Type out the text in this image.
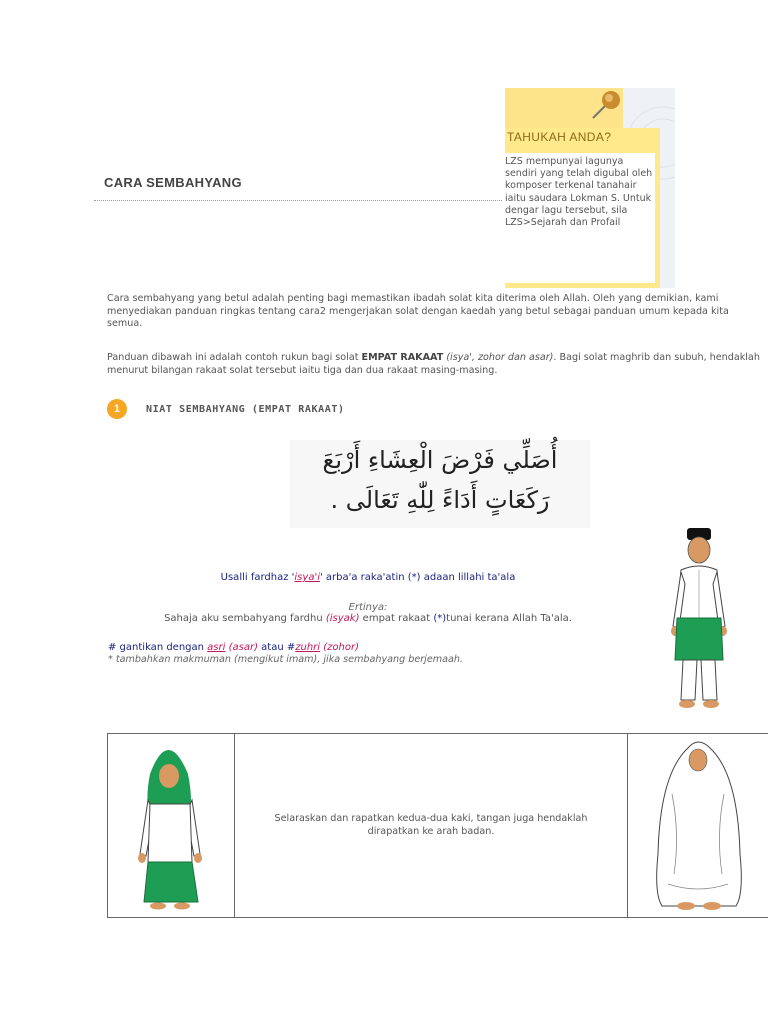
CARA SEMBAHYANG
TAHUKAH ANDA?
LZS mempunyai lagunya sendiri yang telah digubal oleh komposer terkenal tanahair iaitu saudara Lokman S. Untuk dengar lagu tersebut, sila LZS>Sejarah dan Profail
Cara sembahyang yang betul adalah penting bagi memastikan ibadah solat kita diterima oleh Allah. Oleh yang demikian, kami menyediakan panduan ringkas tentang cara2 mengerjakan solat dengan kaedah yang betul sebagai panduan umum kepada kita semua.
Panduan dibawah ini adalah contoh rukun bagi solat EMPAT RAKAAT (isya', zohor dan asar). Bagi solat maghrib dan subuh, hendaklah menurut bilangan rakaat solat tersebut iaitu tiga dan dua rakaat masing-masing.
1	NIAT SEMBAHYANG (EMPAT RAKAAT)
أُصَلِّي فَرْضَ الْعِشَاءِ أَرْبَعَ
رَكَعَاتٍ أَدَاءً لِلّٰهِ تَعَالَى .
Usalli fardhaz 'isya'i' arba'a raka'atin (*) adaan lillahi ta'ala
Ertinya:
Sahaja aku sembahyang fardhu (isyak) empat rakaat (*)tunai kerana Allah Ta'ala.
# gantikan dengan asri (asar) atau #zuhri (zohor)
* tambahkan makmuman (mengikut imam), jika sembahyang berjemaah.

Selaraskan dan rapatkan kedua-dua kaki, tangan juga hendaklah dirapatkan ke arah badan.
